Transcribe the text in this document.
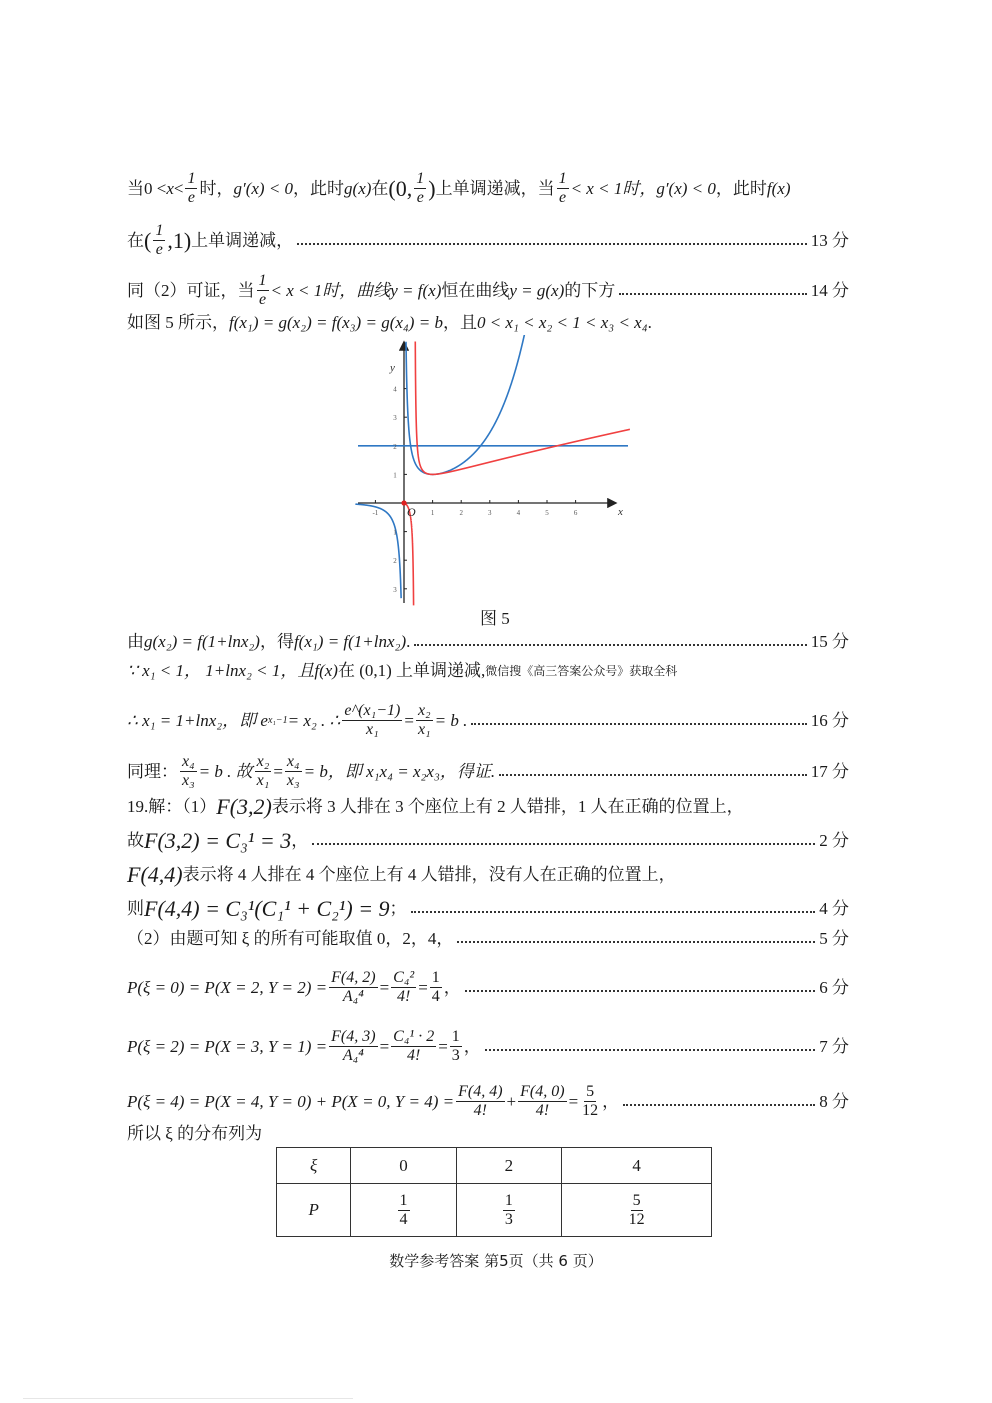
当$0 < x < \frac{1}{e}$ 时， g′(x) < 0 ，此时 g(x) 在 (0, $\frac{1}{e}$ ) 上单调递减，当 $\frac{1}{e} < x < 1$时， g′(x) < 0 ，此时 f(x)
在 ( $\frac{1}{e} ,1$) 上单调递减，	13 分
同（2）可证，当 $\frac{1}{e} < x < 1$时，曲线 y = f(x) 恒在曲线 y = g(x) 的下方	14 分
如图 5 所示， f(x₁) = g(x₂) = f(x₃) = g(x₄) = b ，且 0 < x₁ < x₂ < 1 < x₃ < x₄ .
-1	1	2	3	4	5	6
1
2
3
4
1
2
3
x
y
O
图 5
由 g(x₂) = f(1+lnx₂) ，得 f(x₁) = f(1+lnx₂) .	15 分
∵ x₁ < 1， 1+lnx₂ < 1，且 f(x) 在 (0,1) 上单调递减, 微信搜《高三答案公众号》获取全科
∴ x₁ = 1+lnx₂，即 e x₁−1 = x₂ . ∴ $\frac{\text{e\textasciicircum{}(x₁−1)}}{\text{x₁}} = \frac{\text{x₂}}{\text{x₁}} = b$ .	16 分
同理： $\frac{\text{x₄}}{\text{x₃}} = b$ . 故 $\frac{\text{x₂}}{\text{x₁}} = \frac{\text{x₄}}{\text{x₃}} = b$，即 x₁x₄ = x₂x₃，得证.	17 分
19.解：（1） F(3,2) 表示将 3 人排在 3 个座位上有 2 人错排，1 人在正确的位置上，
故 F(3,2) = C₃¹ = 3 ，	2 分
F(4,4) 表示将 4 人排在 4 个座位上有 4 人错排，没有人在正确的位置上，
则 F(4,4) = C₃¹(C₁¹ + C₂¹) = 9 ；	4 分
（2）由题可知 ξ 的所有可能取值 0，2，4，	5 分
P(ξ = 0) = P(X = 2, $Y = 2) = \frac{F(4, 2)}{\text{A₄⁴}} = \frac{\text{C₄²}}{4!} = \frac{1}{4}$ ，	6 分
P(ξ = 2) = P(X = 3, $Y = 1) = \frac{F(4, 3)}{\text{A₄⁴}} = \frac{\text{C₄¹ · 2}}{4!} = \frac{1}{3}$ ，	7 分
P(ξ = 4) = P(X = 4, Y = 0) + P(X = 0, $Y = 4) = \frac{F(4, 4)}{4!} + \frac{F(4, 0)}{4!} = \frac{5}{12}$ ，	8 分
所以 ξ 的分布列为
ξ	0	2	4
P	$\frac{1}{4}$	$\frac{1}{3}$	$\frac{5}{12}$
数学参考答案 第5页（共 6 页）
